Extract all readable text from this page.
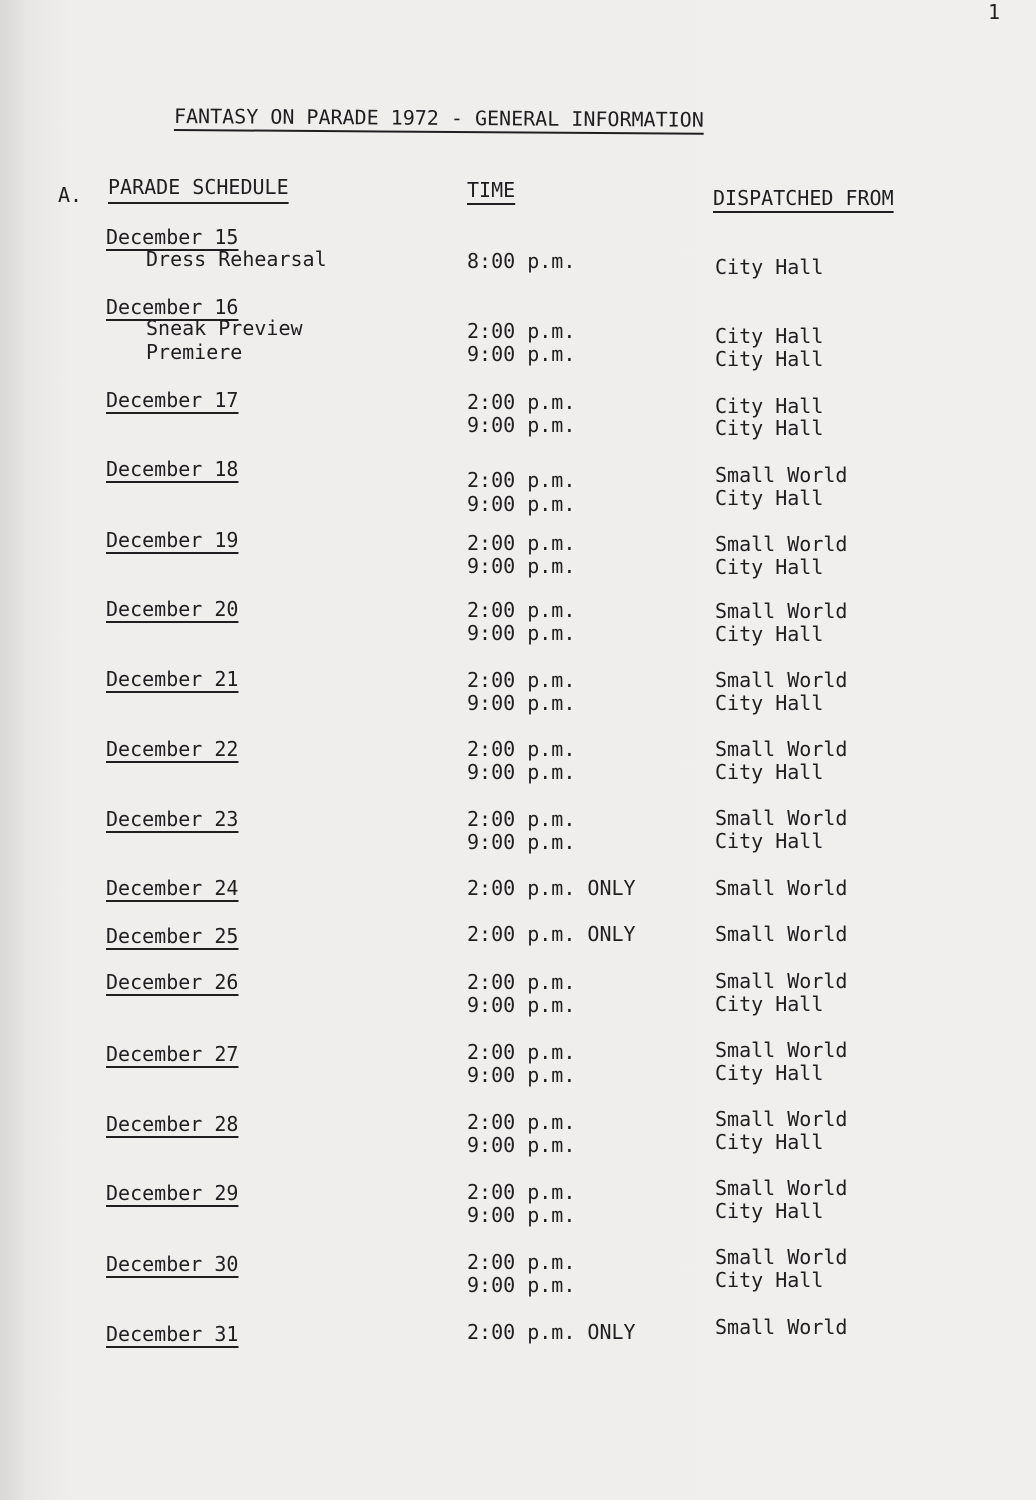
1
FANTASY ON PARADE 1972 - GENERAL INFORMATION
A. PARADE SCHEDULE	TIME	DISPATCHED FROM
December 15
Dress Rehearsal	8:00 p.m.	City Hall
December 16
Sneak Preview	2:00 p.m.	City Hall
Premiere	9:00 p.m.	City Hall
December 17	2:00 p.m.	City Hall
9:00 p.m.	City Hall
December 18	2:00 p.m.	Small World
9:00 p.m.	City Hall
December 19	2:00 p.m.	Small World
9:00 p.m.	City Hall
December 20	2:00 p.m.	Small World
9:00 p.m.	City Hall
December 21	2:00 p.m.	Small World
9:00 p.m.	City Hall
December 22	2:00 p.m.	Small World
9:00 p.m.	City Hall
December 23	2:00 p.m.	Small World
9:00 p.m.	City Hall
December 24	2:00 p.m. ONLY	Small World
December 25	2:00 p.m. ONLY	Small World
December 26	2:00 p.m.	Small World
9:00 p.m.	City Hall
December 27	2:00 p.m.	Small World
9:00 p.m.	City Hall
December 28	2:00 p.m.	Small World
9:00 p.m.	City Hall
December 29	2:00 p.m.	Small World
9:00 p.m.	City Hall
December 30	2:00 p.m.	Small World
9:00 p.m.	City Hall
December 31	2:00 p.m. ONLY	Small World
